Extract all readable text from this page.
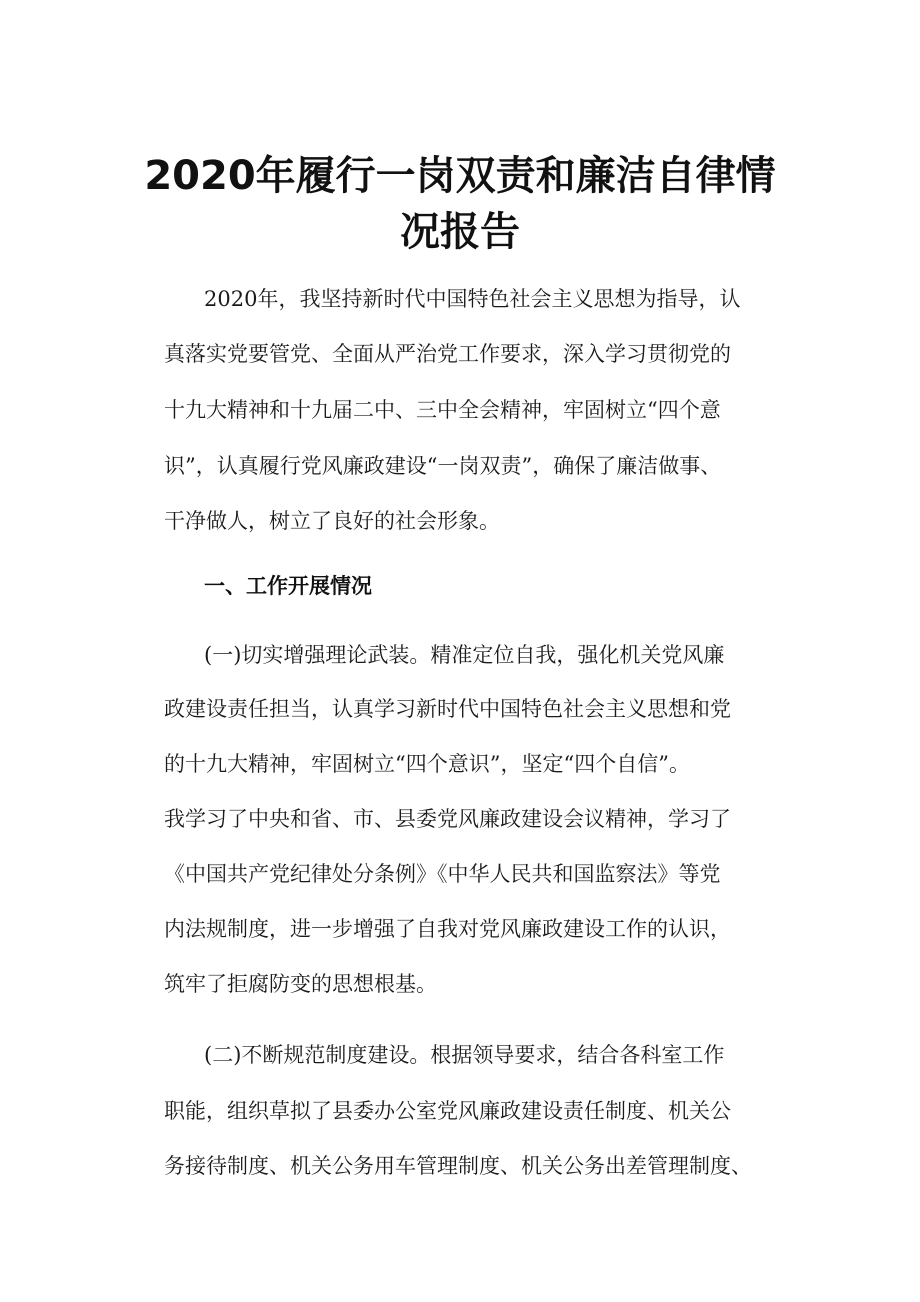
2020年履行一岗双责和廉洁自律情
况报告
2020年，我坚持新时代中国特色社会主义思想为指导，认
真落实党要管党、全面从严治党工作要求，深入学习贯彻党的
十九大精神和十九届二中、三中全会精神，牢固树立“四个意
识”，认真履行党风廉政建设“一岗双责”，确保了廉洁做事、
干净做人，树立了良好的社会形象。
一、工作开展情况
(一)切实增强理论武装。精准定位自我，强化机关党风廉
政建设责任担当，认真学习新时代中国特色社会主义思想和党
的十九大精神，牢固树立“四个意识”，坚定“四个自信”。
我学习了中央和省、市、县委党风廉政建设会议精神，学习了
《中国共产党纪律处分条例》《中华人民共和国监察法》等党
内法规制度，进一步增强了自我对党风廉政建设工作的认识，
筑牢了拒腐防变的思想根基。
(二)不断规范制度建设。根据领导要求，结合各科室工作
职能，组织草拟了县委办公室党风廉政建设责任制度、机关公
务接待制度、机关公务用车管理制度、机关公务出差管理制度、
